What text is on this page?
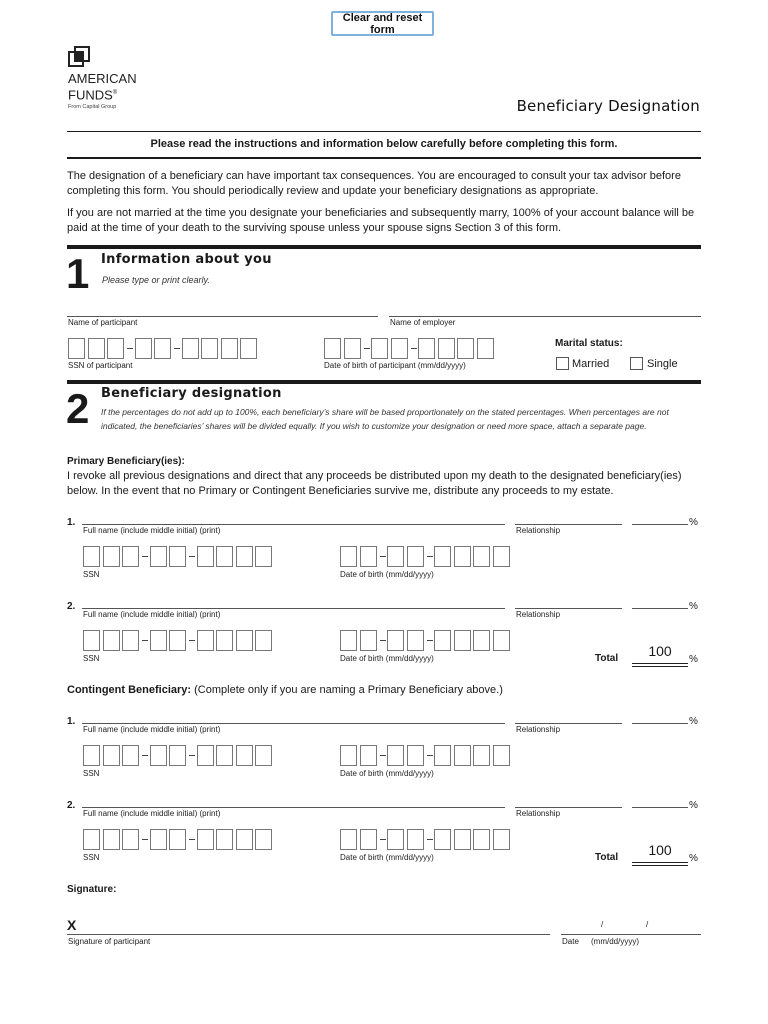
Clear and reset form
AMERICAN
FUNDS®
From Capital Group	Beneficiary Designation
Please read the instructions and information below carefully before completing this form.
The designation of a beneficiary can have important tax consequences. You are encouraged to consult your tax advisor before completing this form. You should periodically review and update your beneficiary designations as appropriate.
If you are not married at the time you designate your beneficiaries and subsequently marry, 100% of your account balance will be paid at the time of your death to the surviving spouse unless your spouse signs Section 3 of this form.
1 Information about you
Please type or print clearly.
Name of participant	Name of employer
SSN of participant	Date of birth of participant (mm/dd/yyyy)
Marital status:
Married	Single
2 Beneficiary designation
If the percentages do not add up to 100%, each beneficiary’s share will be based proportionately on the stated percentages. When percentages are not indicated, the beneficiaries’ shares will be divided equally. If you wish to customize your designation or need more space, attach a separate page.
Primary Beneficiary(ies):
I revoke all previous designations and direct that any proceeds be distributed upon my death to the designated beneficiary(ies) below. In the event that no Primary or Contingent Beneficiaries survive me, distribute any proceeds to my estate.
Contingent Beneficiary: (Complete only if you are naming a Primary Beneficiary above.)
1.
Full name (include middle initial) (print)	Relationship
%
SSN	Date of birth (mm/dd/yyyy)
2.
Full name (include middle initial) (print)	Relationship
%
SSN	Date of birth (mm/dd/yyyy)	Total	100
%
1.
Full name (include middle initial) (print)	Relationship
%
SSN	Date of birth (mm/dd/yyyy)
2.
Full name (include middle initial) (print)	Relationship
%
SSN	Date of birth (mm/dd/yyyy)	Total	100
%
Signature:
X
Signature of participant
/	/
Date (mm/dd/yyyy)
